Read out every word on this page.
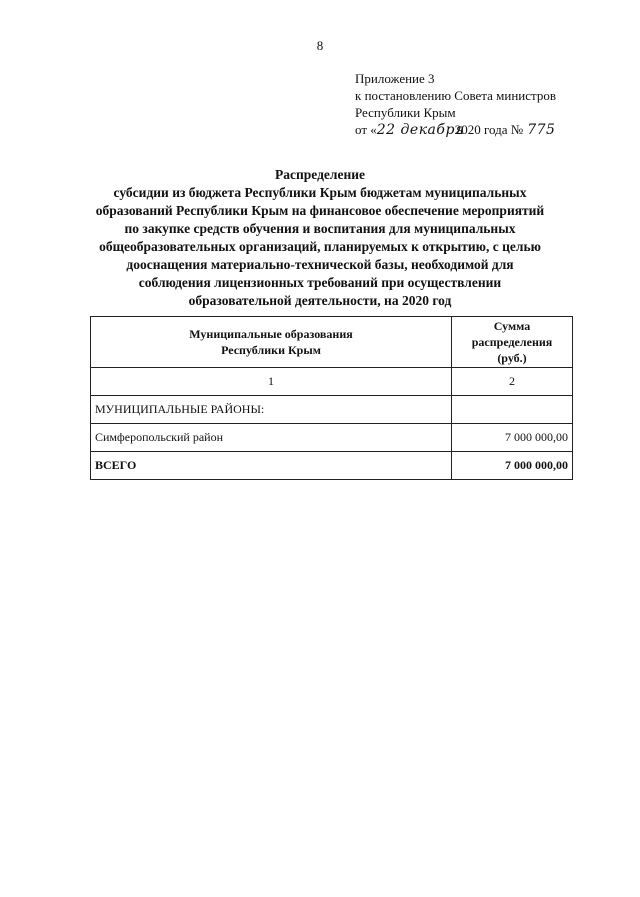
8
Приложение 3
к постановлению Совета министров
Республики Крым
от «22 декабря2020 года № 775
Распределение
субсидии из бюджета Республики Крым бюджетам муниципальных
образований Республики Крым на финансовое обеспечение мероприятий
по закупке средств обучения и воспитания для муниципальных
общеобразовательных организаций, планируемых к открытию, с целью
дооснащения материально-технической базы, необходимой для
соблюдения лицензионных требований при осуществлении
образовательной деятельности, на 2020 год
Муниципальные образования
Республики Крым	Сумма
распределения (руб.)
1	2
МУНИЦИПАЛЬНЫЕ РАЙОНЫ:	
Симферопольский район	7 000 000,00
ВСЕГО	7 000 000,00
